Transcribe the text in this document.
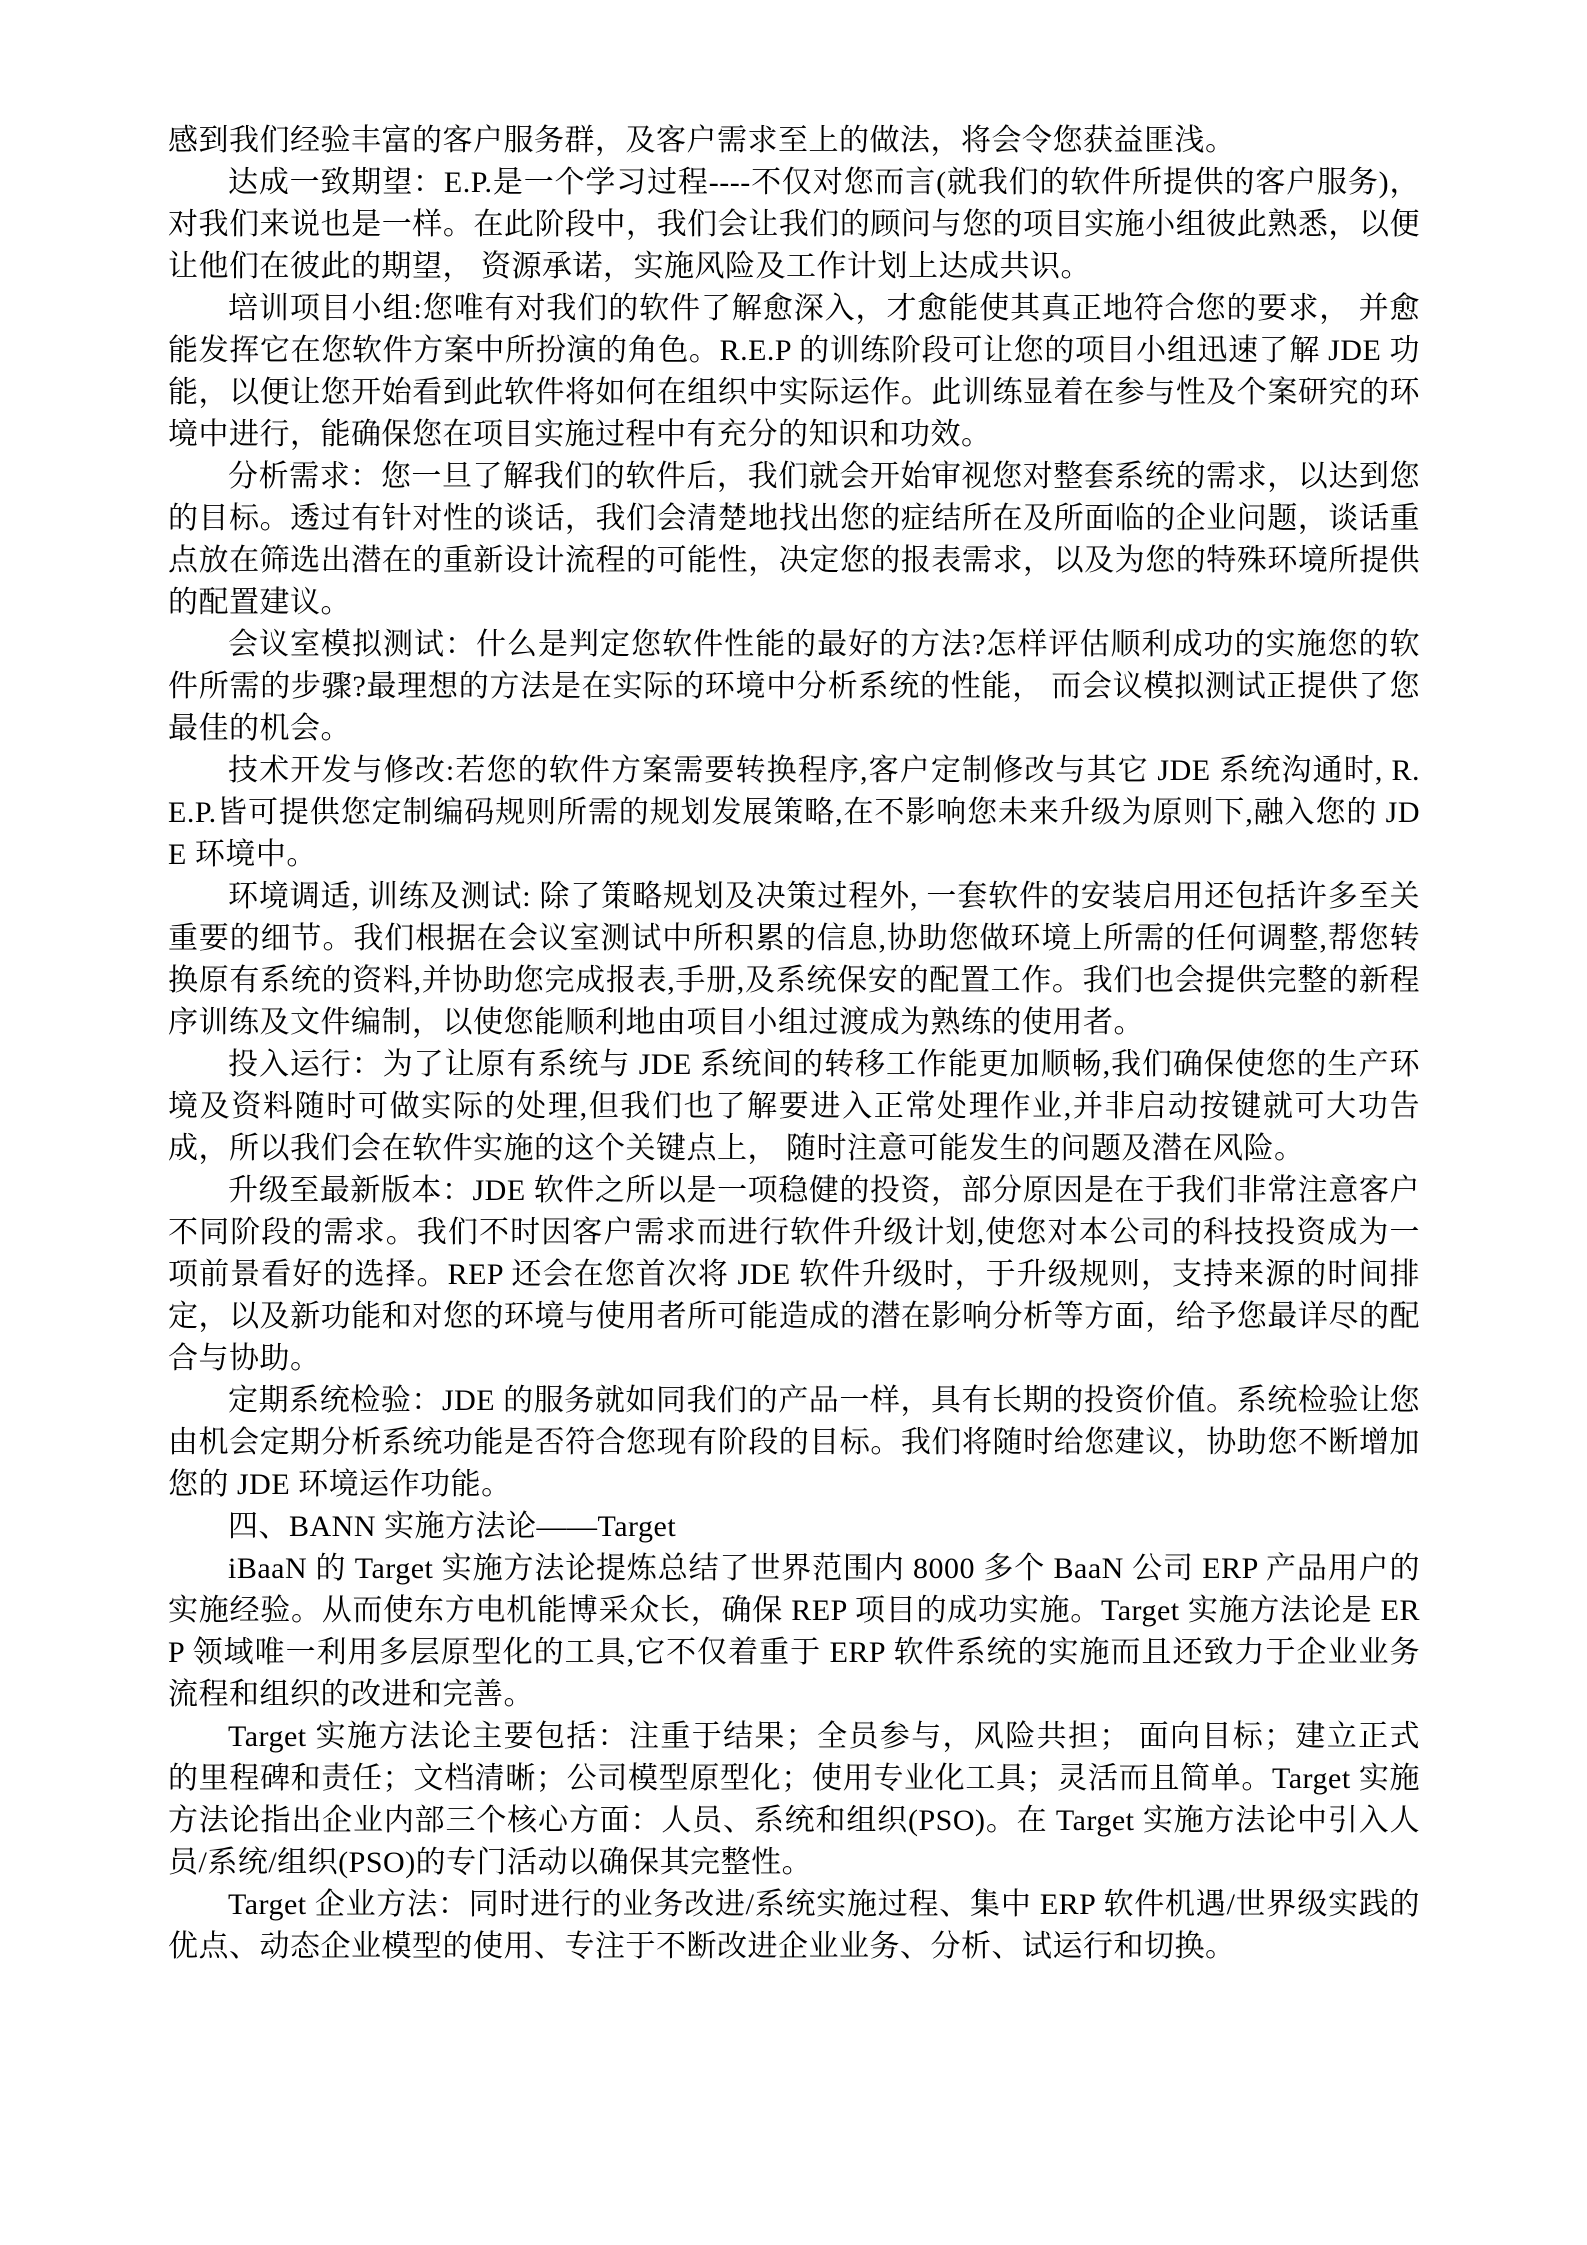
感到我们经验丰富的客户服务群，及客户需求至上的做法，将会令您获益匪浅。

达成一致期望：E.P.是一个学习过程----不仅对您而言(就我们的软件所提供的客户服务)，对我们来说也是一样。在此阶段中，我们会让我们的顾问与您的项目实施小组彼此熟悉，以便让他们在彼此的期望， 资源承诺，实施风险及工作计划上达成共识。

培训项目小组:您唯有对我们的软件了解愈深入，才愈能使其真正地符合您的要求， 并愈能发挥它在您软件方案中所扮演的角色。R.E.P 的训练阶段可让您的项目小组迅速了解 JDE 功能，以便让您开始看到此软件将如何在组织中实际运作。此训练显着在参与性及个案研究的环境中进行，能确保您在项目实施过程中有充分的知识和功效。

分析需求：您一旦了解我们的软件后，我们就会开始审视您对整套系统的需求，以达到您的目标。透过有针对性的谈话，我们会清楚地找出您的症结所在及所面临的企业问题，谈话重点放在筛选出潜在的重新设计流程的可能性，决定您的报表需求，以及为您的特殊环境所提供的配置建议。

会议室模拟测试：什么是判定您软件性能的最好的方法?怎样评估顺利成功的实施您的软件所需的步骤?最理想的方法是在实际的环境中分析系统的性能， 而会议模拟测试正提供了您最佳的机会。

技术开发与修改:若您的软件方案需要转换程序,客户定制修改与其它 JDE 系统沟通时, R.E.P.皆可提供您定制编码规则所需的规划发展策略,在不影响您未来升级为原则下,融入您的 JDE 环境中。

环境调适, 训练及测试: 除了策略规划及决策过程外, 一套软件的安装启用还包括许多至关重要的细节。我们根据在会议室测试中所积累的信息,协助您做环境上所需的任何调整,帮您转换原有系统的资料,并协助您完成报表,手册,及系统保安的配置工作。我们也会提供完整的新程序训练及文件编制，以使您能顺利地由项目小组过渡成为熟练的使用者。

投入运行：为了让原有系统与 JDE 系统间的转移工作能更加顺畅,我们确保使您的生产环境及资料随时可做实际的处理,但我们也了解要进入正常处理作业,并非启动按键就可大功告成，所以我们会在软件实施的这个关键点上， 随时注意可能发生的问题及潜在风险。

升级至最新版本：JDE 软件之所以是一项稳健的投资，部分原因是在于我们非常注意客户不同阶段的需求。我们不时因客户需求而进行软件升级计划,使您对本公司的科技投资成为一项前景看好的选择。REP 还会在您首次将 JDE 软件升级时，于升级规则，支持来源的时间排定，以及新功能和对您的环境与使用者所可能造成的潜在影响分析等方面，给予您最详尽的配合与协助。

定期系统检验：JDE 的服务就如同我们的产品一样，具有长期的投资价值。系统检验让您由机会定期分析系统功能是否符合您现有阶段的目标。我们将随时给您建议，协助您不断增加您的 JDE 环境运作功能。

四、BANN 实施方法论——Target

iBaaN 的 Target 实施方法论提炼总结了世界范围内 8000 多个 BaaN 公司 ERP 产品用户的实施经验。从而使东方电机能博采众长，确保 REP 项目的成功实施。Target 实施方法论是 ERP 领域唯一利用多层原型化的工具,它不仅着重于 ERP 软件系统的实施而且还致力于企业业务流程和组织的改进和完善。

Target 实施方法论主要包括：注重于结果；全员参与，风险共担； 面向目标；建立正式的里程碑和责任；文档清晰；公司模型原型化；使用专业化工具；灵活而且简单。Target 实施方法论指出企业内部三个核心方面：人员、系统和组织(PSO)。在 Target 实施方法论中引入人员/系统/组织(PSO)的专门活动以确保其完整性。

Target 企业方法：同时进行的业务改进/系统实施过程、集中 ERP 软件机遇/世界级实践的优点、动态企业模型的使用、专注于不断改进企业业务、分析、试运行和切换。
